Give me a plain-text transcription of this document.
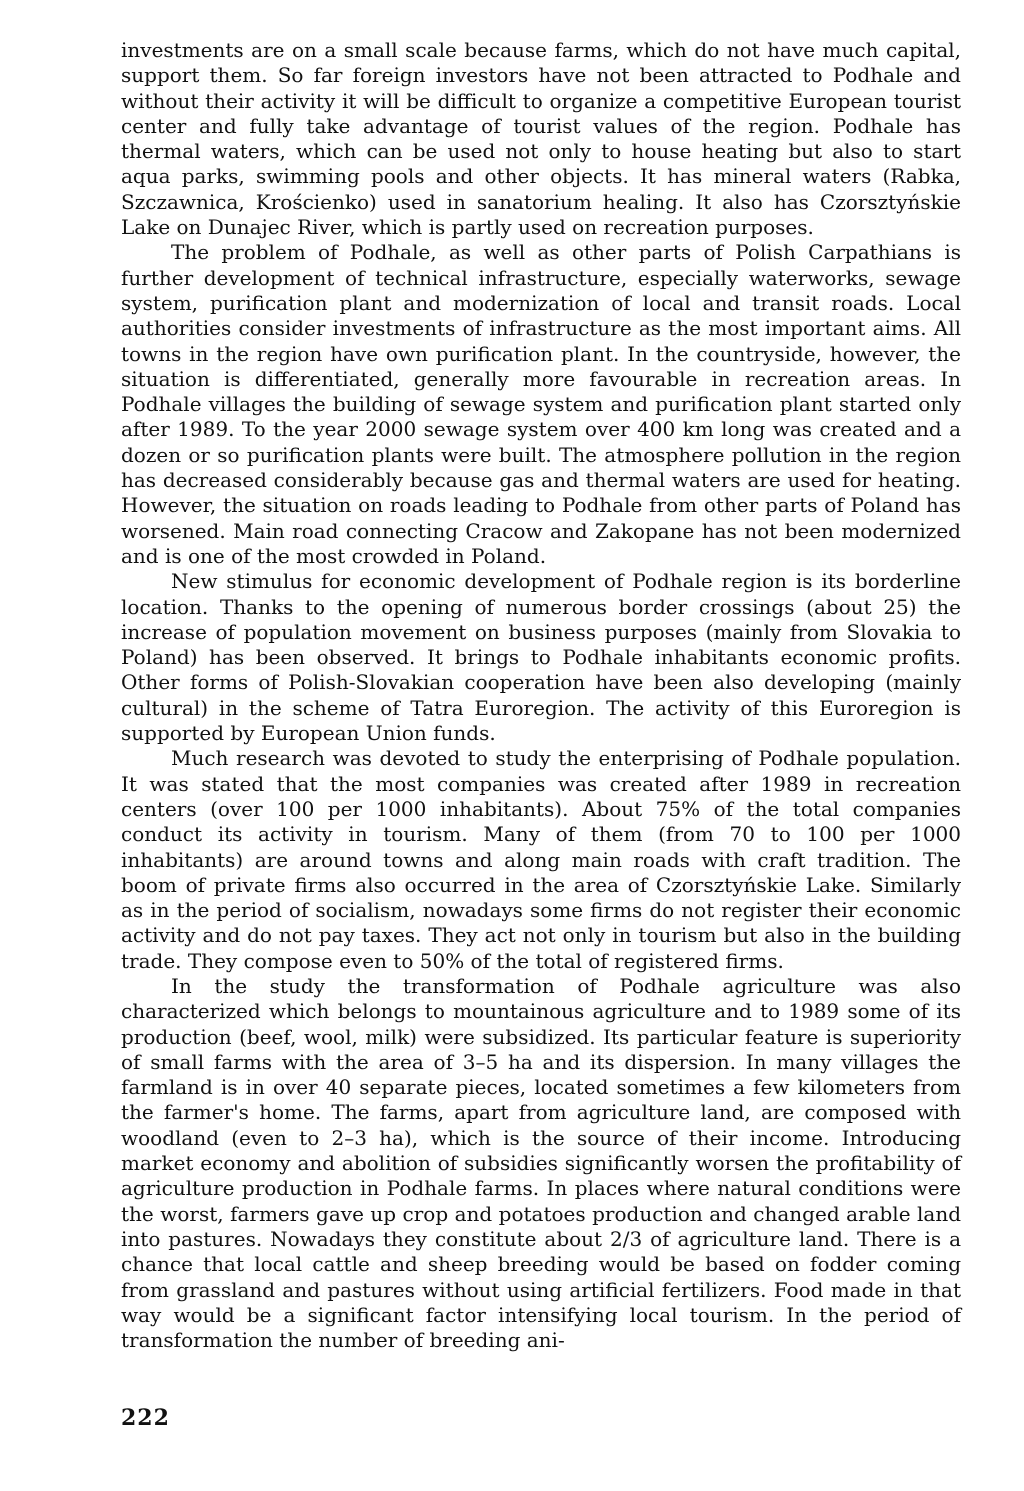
investments are on a small scale because farms, which do not have much capital, support them. So far foreign investors have not been attracted to Podhale and without their activity it will be difficult to organize a competitive European tourist center and fully take advantage of tourist values of the region. Podhale has thermal waters, which can be used not only to house heating but also to start aqua parks, swimming pools and other objects. It has mineral waters (Rabka, Szczawnica, Krościenko) used in sanatorium healing. It also has Czorsztyńskie Lake on Dunajec River, which is partly used on recreation purposes.

The problem of Podhale, as well as other parts of Polish Carpathians is further development of technical infrastructure, especially waterworks, sewage system, purification plant and modernization of local and transit roads. Local authorities consider investments of infrastructure as the most important aims. All towns in the region have own purification plant. In the countryside, however, the situation is differentiated, generally more favourable in recreation areas. In Podhale villages the building of sewage system and purification plant started only after 1989. To the year 2000 sewage system over 400 km long was created and a dozen or so purification plants were built. The atmosphere pollution in the region has decreased considerably because gas and thermal waters are used for heating. However, the situation on roads leading to Podhale from other parts of Poland has worsened. Main road connecting Cracow and Zakopane has not been modernized and is one of the most crowded in Poland.

New stimulus for economic development of Podhale region is its borderline location. Thanks to the opening of numerous border crossings (about 25) the increase of population movement on business purposes (mainly from Slovakia to Poland) has been observed. It brings to Podhale inhabitants economic profits. Other forms of Polish-Slovakian cooperation have been also developing (mainly cultural) in the scheme of Tatra Euroregion. The activity of this Euroregion is supported by European Union funds.

Much research was devoted to study the enterprising of Podhale population. It was stated that the most companies was created after 1989 in recreation centers (over 100 per 1000 inhabitants). About 75% of the total companies conduct its activity in tourism. Many of them (from 70 to 100 per 1000 inhabitants) are around towns and along main roads with craft tradition. The boom of private firms also occurred in the area of Czorsztyńskie Lake. Similarly as in the period of socialism, nowadays some firms do not register their economic activity and do not pay taxes. They act not only in tourism but also in the building trade. They compose even to 50% of the total of registered firms.

In the study the transformation of Podhale agriculture was also characterized which belongs to mountainous agriculture and to 1989 some of its production (beef, wool, milk) were subsidized. Its particular feature is superiority of small farms with the area of 3–5 ha and its dispersion. In many villages the farmland is in over 40 separate pieces, located sometimes a few kilometers from the farmer's home. The farms, apart from agriculture land, are composed with woodland (even to 2–3 ha), which is the source of their income. Introducing market economy and abolition of subsidies significantly worsen the profitability of agriculture production in Podhale farms. In places where natural conditions were the worst, farmers gave up crop and potatoes production and changed arable land into pastures. Nowadays they constitute about 2/3 of agriculture land. There is a chance that local cattle and sheep breeding would be based on fodder coming from grassland and pastures without using artificial fertilizers. Food made in that way would be a significant factor intensifying local tourism. In the period of transformation the number of breeding ani-

222
